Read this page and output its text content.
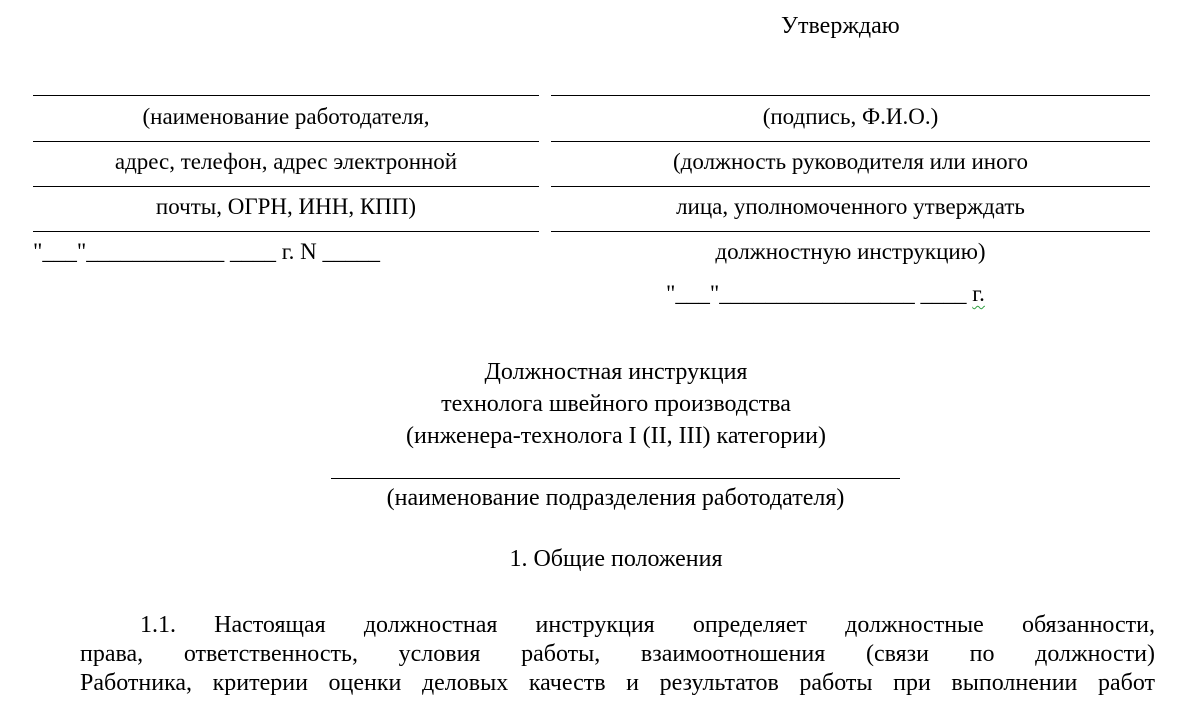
Утверждаю
(наименование работодателя,
адрес, телефон, адрес электронной
почты, ОГРН, ИНН, КПП)
"___"____________ ____ г. N _____
(подпись, Ф.И.О.)
(должность руководителя или иного
лица, уполномоченного утверждать
должностную инструкцию)
"___"_________________ ____ г.
Должностная инструкция
технолога швейного производства
(инженера-технолога I (II, III) категории)
(наименование подразделения работодателя)
1. Общие положения
1.1. Настоящая должностная инструкция определяет должностные обязанности,
права, ответственность, условия работы, взаимоотношения (связи по должности)
Работника, критерии оценки деловых качеств и результатов работы при выполнении работ
